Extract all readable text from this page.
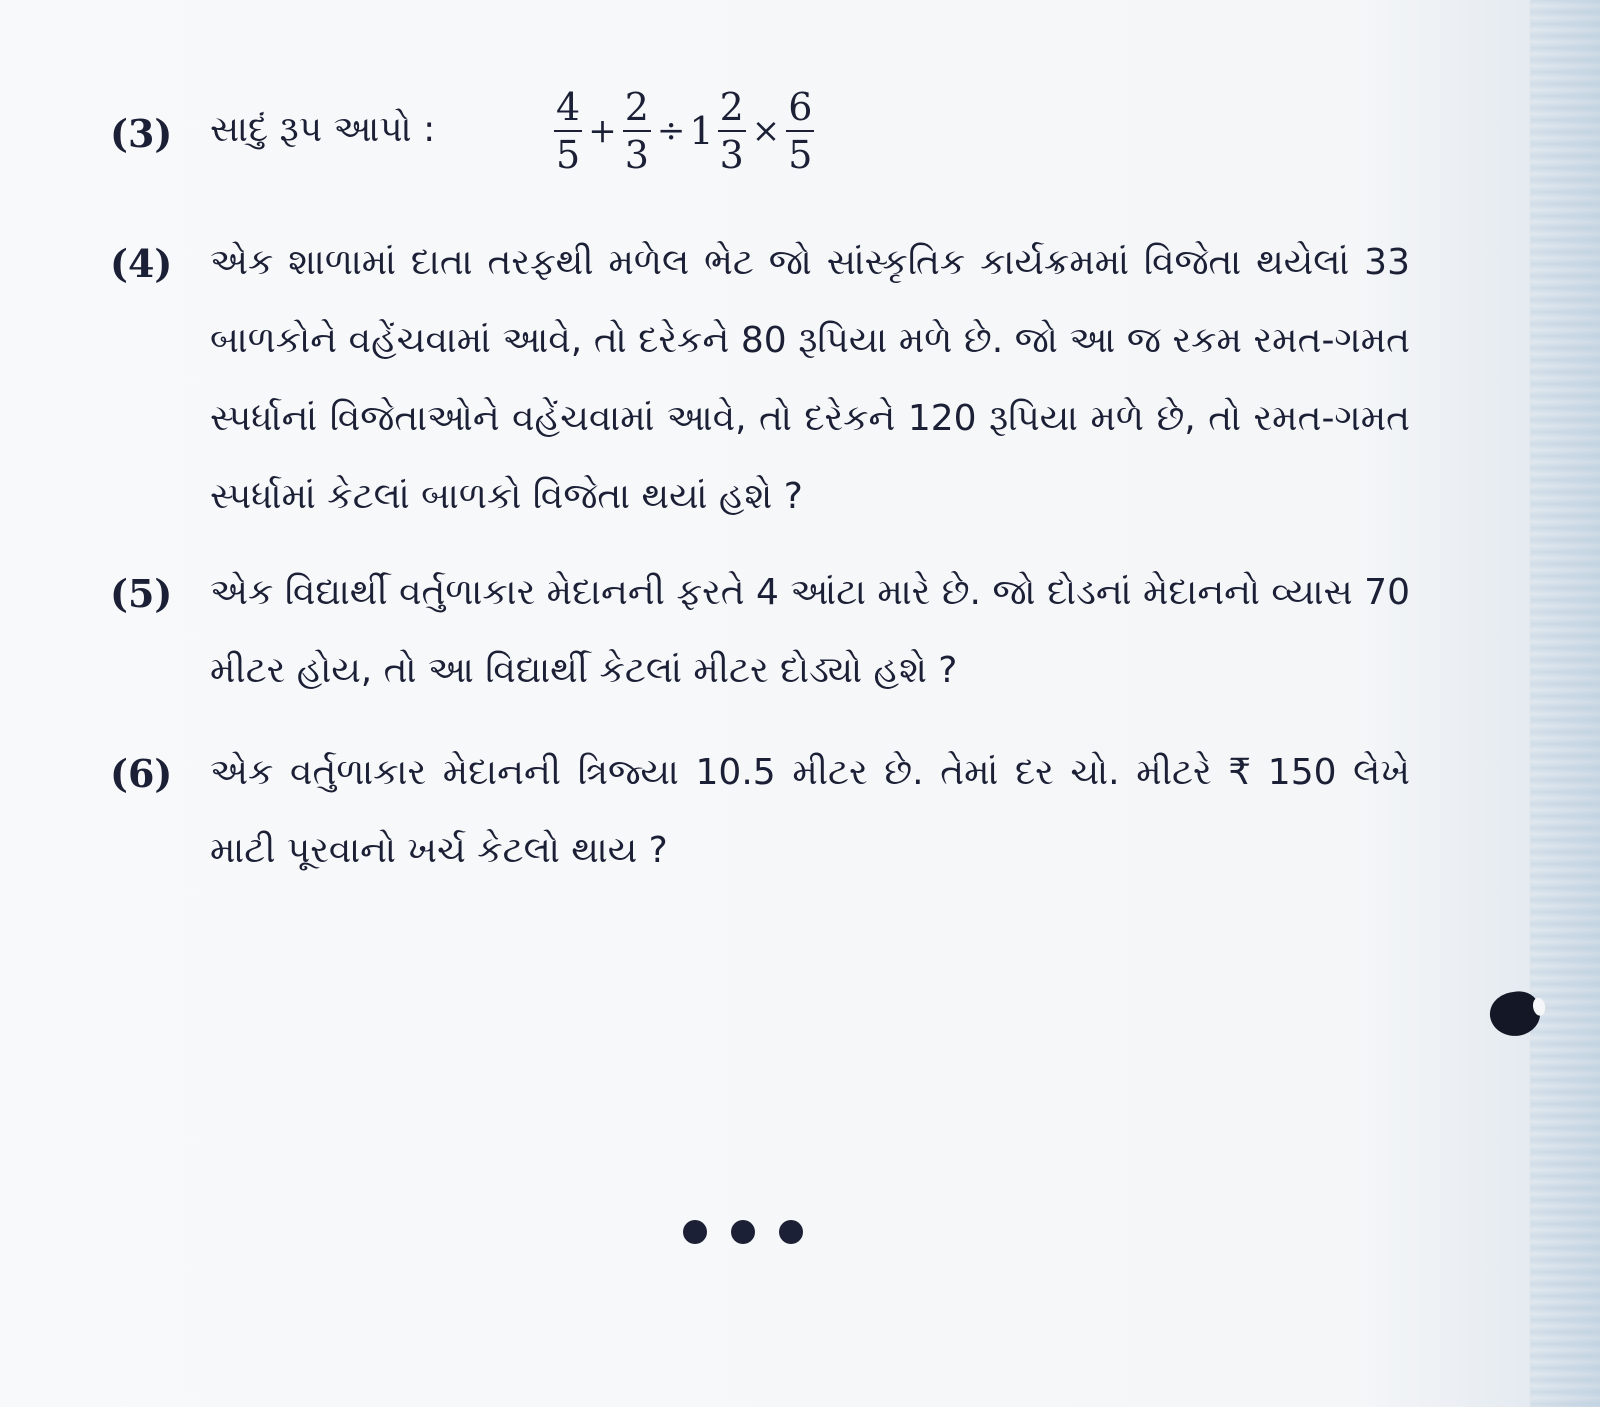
(3) સાદું રૂપ આપો :	$\frac{4}{5} + \frac{2}{3} \div 1 \frac{2}{3} \times \frac{6}{5}$
(4) એક શાળામાં દાતા તરફથી મળેલ ભેટ જો સાંસ્કૃતિક કાર્યક્રમમાં વિજેતા થયેલાં 33 બાળકોને વહેંચવામાં આવે, તો દરેકને 80 રૂપિયા મળે છે. જો આ જ રકમ રમત-ગમત સ્પર્ધાનાં વિજેતાઓને વહેંચવામાં આવે, તો દરેકને 120 રૂપિયા મળે છે, તો રમત-ગમત સ્પર્ધામાં કેટલાં બાળકો વિજેતા થયાં હશે ?
(5) એક વિદ્યાર્થી વર્તુળાકાર મેદાનની ફરતે 4 આંટા મારે છે. જો દોડનાં મેદાનનો વ્યાસ 70 મીટર હોય, તો આ વિદ્યાર્થી કેટલાં મીટર દોડ્યો હશે ?
(6) એક વર્તુળાકાર મેદાનની ત્રિજ્યા 10.5 મીટર છે. તેમાં દર ચો. મીટરે ₹ 150 લેખે માટી પૂરવાનો ખર્ચ કેટલો થાય ?
